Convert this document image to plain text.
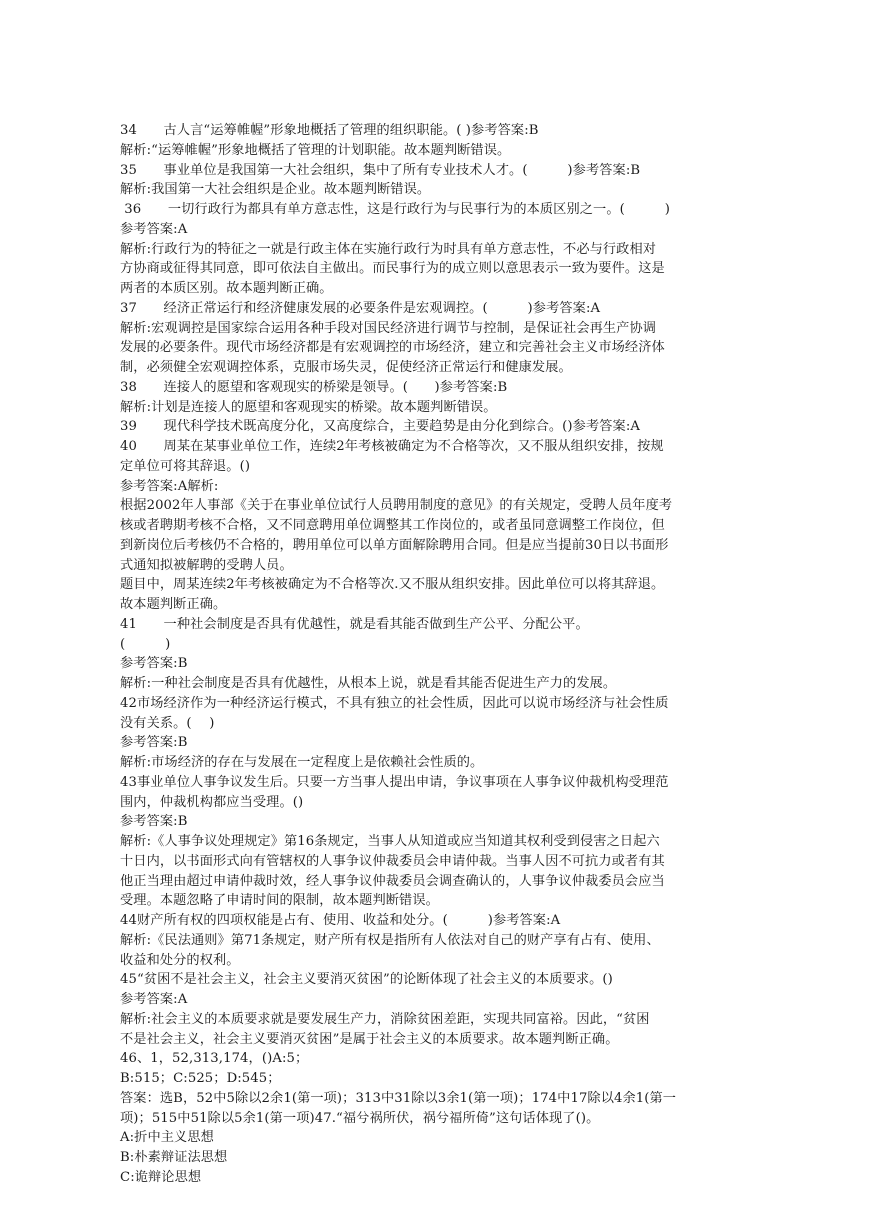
34　　古人言“运筹帷幄”形象地概括了管理的组织职能。( )参考答案:B
解析:“运筹帷幄”形象地概括了管理的计划职能。故本题判断错误。
35　　事业单位是我国第一大社会组织，集中了所有专业技术人才。(　　　)参考答案:B
解析:我国第一大社会组织是企业。故本题判断错误。
36　　一切行政行为都具有单方意志性，这是行政行为与民事行为的本质区别之一。(　　　)
参考答案:A
解析:行政行为的特征之一就是行政主体在实施行政行为时具有单方意志性，不必与行政相对
方协商或征得其同意，即可依法自主做出。而民事行为的成立则以意思表示一致为要件。这是
两者的本质区别。故本题判断正确。
37　　经济正常运行和经济健康发展的必要条件是宏观调控。(　　　)参考答案:A
解析:宏观调控是国家综合运用各种手段对国民经济进行调节与控制，是保证社会再生产协调
发展的必要条件。现代市场经济都是有宏观调控的市场经济，建立和完善社会主义市场经济体
制，必须健全宏观调控体系，克服市场失灵，促使经济正常运行和健康发展。
38　　连接人的愿望和客观现实的桥梁是领导。(　　)参考答案:B
解析:计划是连接人的愿望和客观现实的桥梁。故本题判断错误。
39　　现代科学技术既高度分化，又高度综合，主要趋势是由分化到综合。()参考答案:A
40　　周某在某事业单位工作，连续2年考核被确定为不合格等次，又不服从组织安排，按规
定单位可将其辞退。()
参考答案:A解析:
根据2002年人事部《关于在事业单位试行人员聘用制度的意见》的有关规定，受聘人员年度考
核或者聘期考核不合格，又不同意聘用单位调整其工作岗位的，或者虽同意调整工作岗位，但
到新岗位后考核仍不合格的，聘用单位可以单方面解除聘用合同。但是应当提前30日以书面形
式通知拟被解聘的受聘人员。
题目中，周某连续2年考核被确定为不合格等次.又不服从组织安排。因此单位可以将其辞退。
故本题判断正确。
41　　一种社会制度是否具有优越性，就是看其能否做到生产公平、分配公平。
(　　　)
参考答案:B
解析:一种社会制度是否具有优越性，从根本上说，就是看其能否促进生产力的发展。
42市场经济作为一种经济运行模式，不具有独立的社会性质，因此可以说市场经济与社会性质
没有关系。(　 )
参考答案:B
解析:市场经济的存在与发展在一定程度上是依赖社会性质的。
43事业单位人事争议发生后。只要一方当事人提出申请，争议事项在人事争议仲裁机构受理范
围内，仲裁机构都应当受理。()
参考答案:B
解析:《人事争议处理规定》第16条规定，当事人从知道或应当知道其权利受到侵害之日起六
十日内，以书面形式向有管辖权的人事争议仲裁委员会申请仲裁。当事人因不可抗力或者有其
他正当理由超过申请仲裁时效，经人事争议仲裁委员会调查确认的，人事争议仲裁委员会应当
受理。本题忽略了申请时间的限制，故本题判断错误。
44财产所有权的四项权能是占有、使用、收益和处分。(　　　)参考答案:A
解析:《民法通则》第71条规定，财产所有权是指所有人依法对自己的财产享有占有、使用、
收益和处分的权利。
45“贫困不是社会主义，社会主义要消灭贫困”的论断体现了社会主义的本质要求。()
参考答案:A
解析:社会主义的本质要求就是要发展生产力，消除贫困差距，实现共同富裕。因此，“贫困
不是社会主义，社会主义要消灭贫困”是属于社会主义的本质要求。故本题判断正确。
46、1，52,313,174，()A:5；
B:515；C:525；D:545；
答案：选B，52中5除以2余1(第一项)；313中31除以3余1(第一项)；174中17除以4余1(第一
项)；515中51除以5余1(第一项)47.“福兮祸所伏，祸兮福所倚”这句话体现了()。
A:折中主义思想
B:朴素辩证法思想
C:诡辩论思想
